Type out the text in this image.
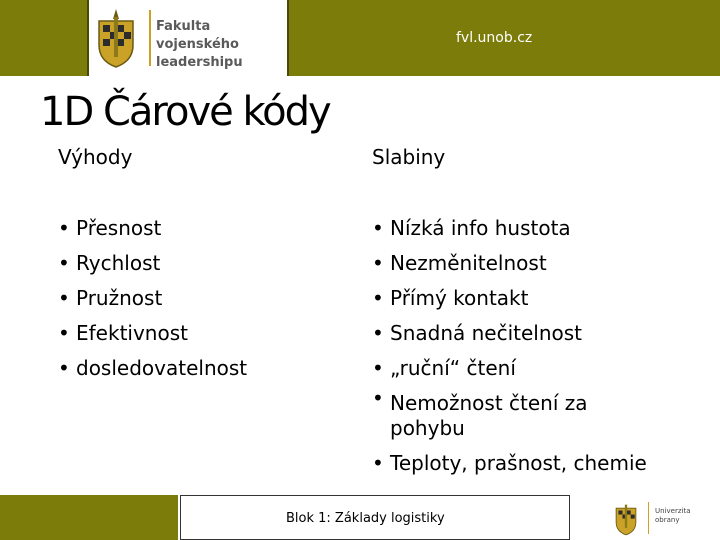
Fakulta vojenského leadershipu
fvl.unob.cz
1D Čárové kódy
Výhody	Slabiny
• Přesnost
• Rychlost
• Pružnost
• Efektivnost
• dosledovatelnost
• Nízká info hustota
• Nezměnitelnost
• Přímý kontakt
• Snadná nečitelnost
• „ruční“ čtení
• Nemožnost čtení za pohybu
• Teploty, prašnost, chemie
Blok 1: Základy logistiky	Univerzita obrany
